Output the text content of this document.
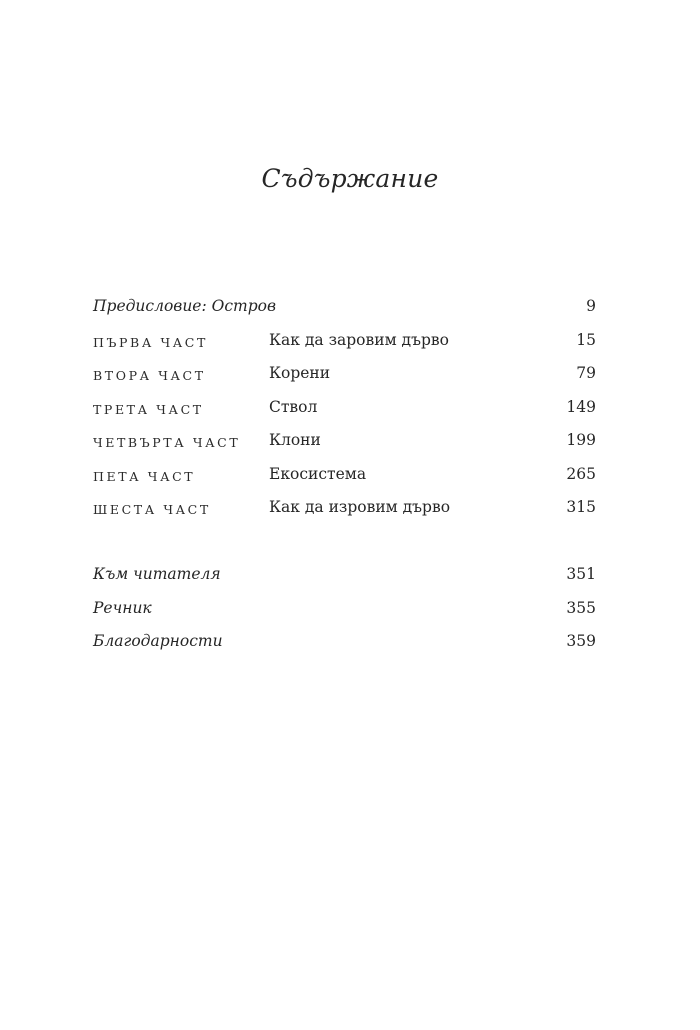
Съдържание
Предисловие: Остров	9
ПЪРВА ЧАСТ	Как да заровим дърво	15
ВТОРА ЧАСТ	Корени	79
ТРЕТА ЧАСТ	Ствол	149
ЧЕТВЪРТА ЧАСТ Клони	199
ПЕТА ЧАСТ	Екосистема	265
ШЕСТА ЧАСТ	Как да изровим дърво	315
Към читателя	351
Речник	355
Благодарности	359
